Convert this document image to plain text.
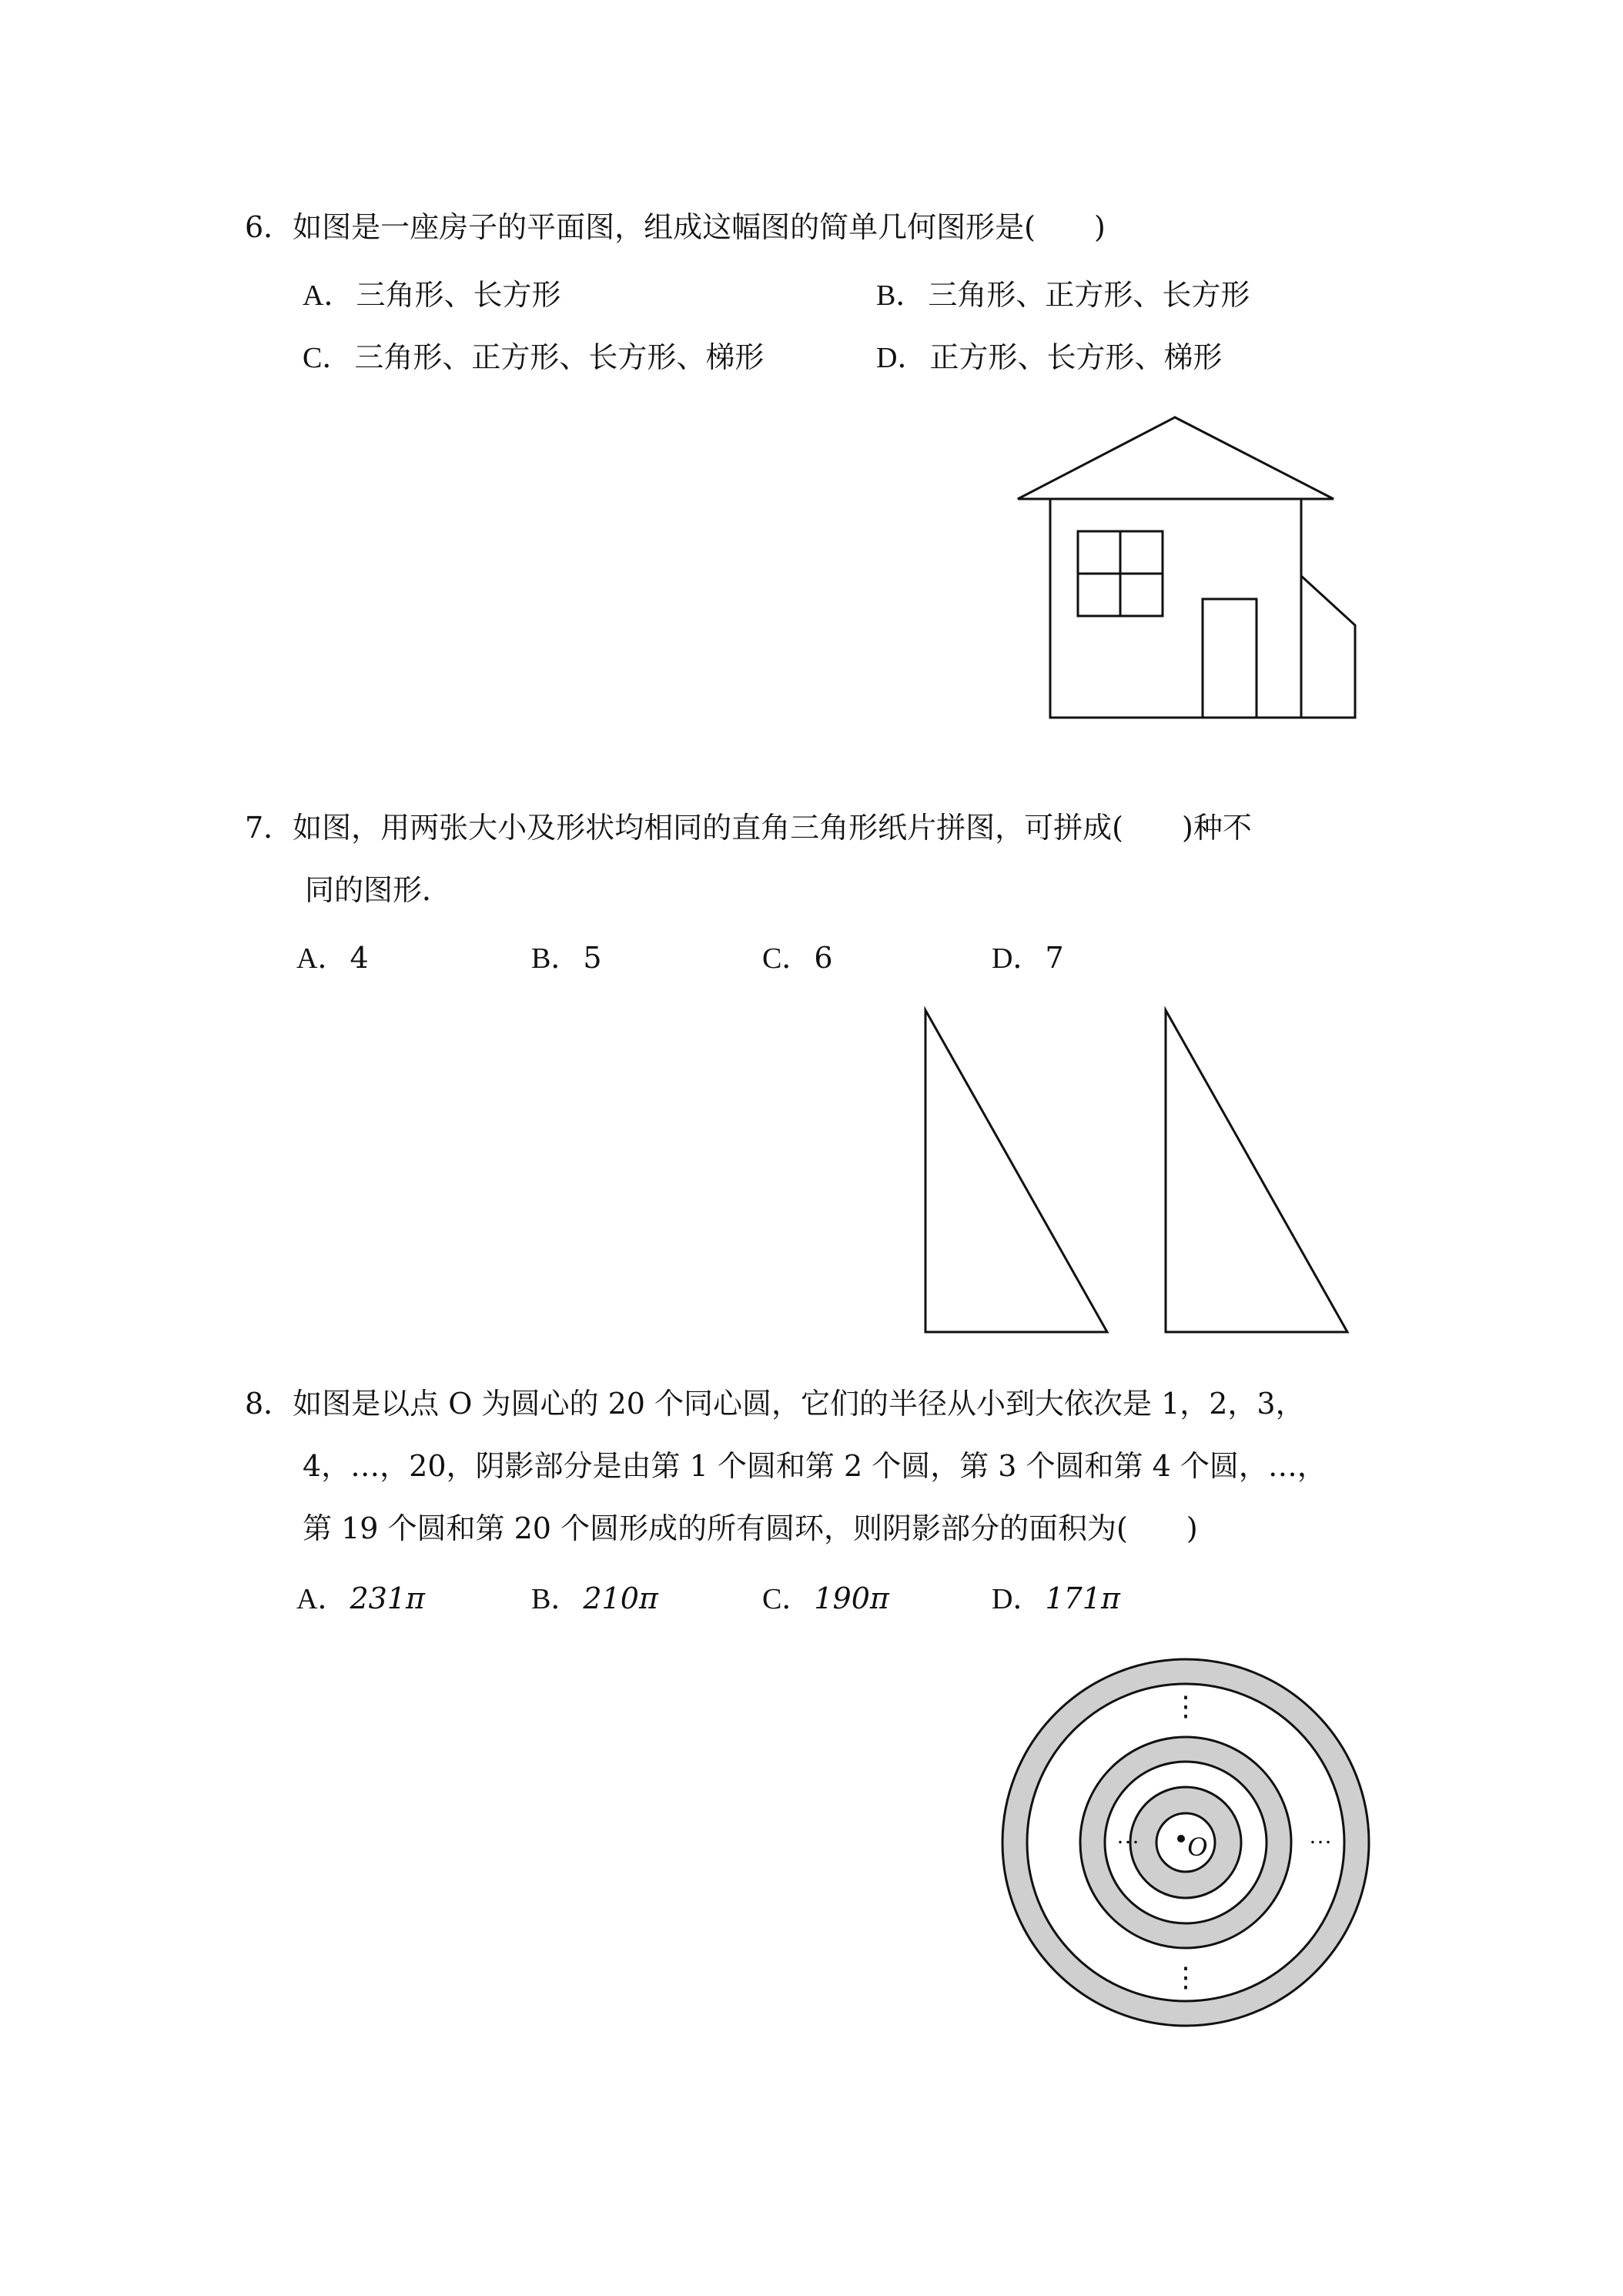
6．如图是一座房子的平面图，组成这幅图的简单几何图形是(　　)
A． 三角形、长方形	B． 三角形、正方形、长方形
C． 三角形、正方形、长方形、梯形	D． 正方形、长方形、梯形
7．如图，用两张大小及形状均相同的直角三角形纸片拼图，可拼成(　　)种不
同的图形．
A． 4	B． 5	C． 6	D． 7
8．如图是以点 O 为圆心的 20 个同心圆，它们的半径从小到大依次是 1，2，3，
4，…，20，阴影部分是由第 1 个圆和第 2 个圆，第 3 个圆和第 4 个圆，…，
第 19 个圆和第 20 个圆形成的所有圆环，则阴影部分的面积为(　　)
A． 231π	B． 210π	C． 190π	D． 171π
O
…	…
⋮
⋮
